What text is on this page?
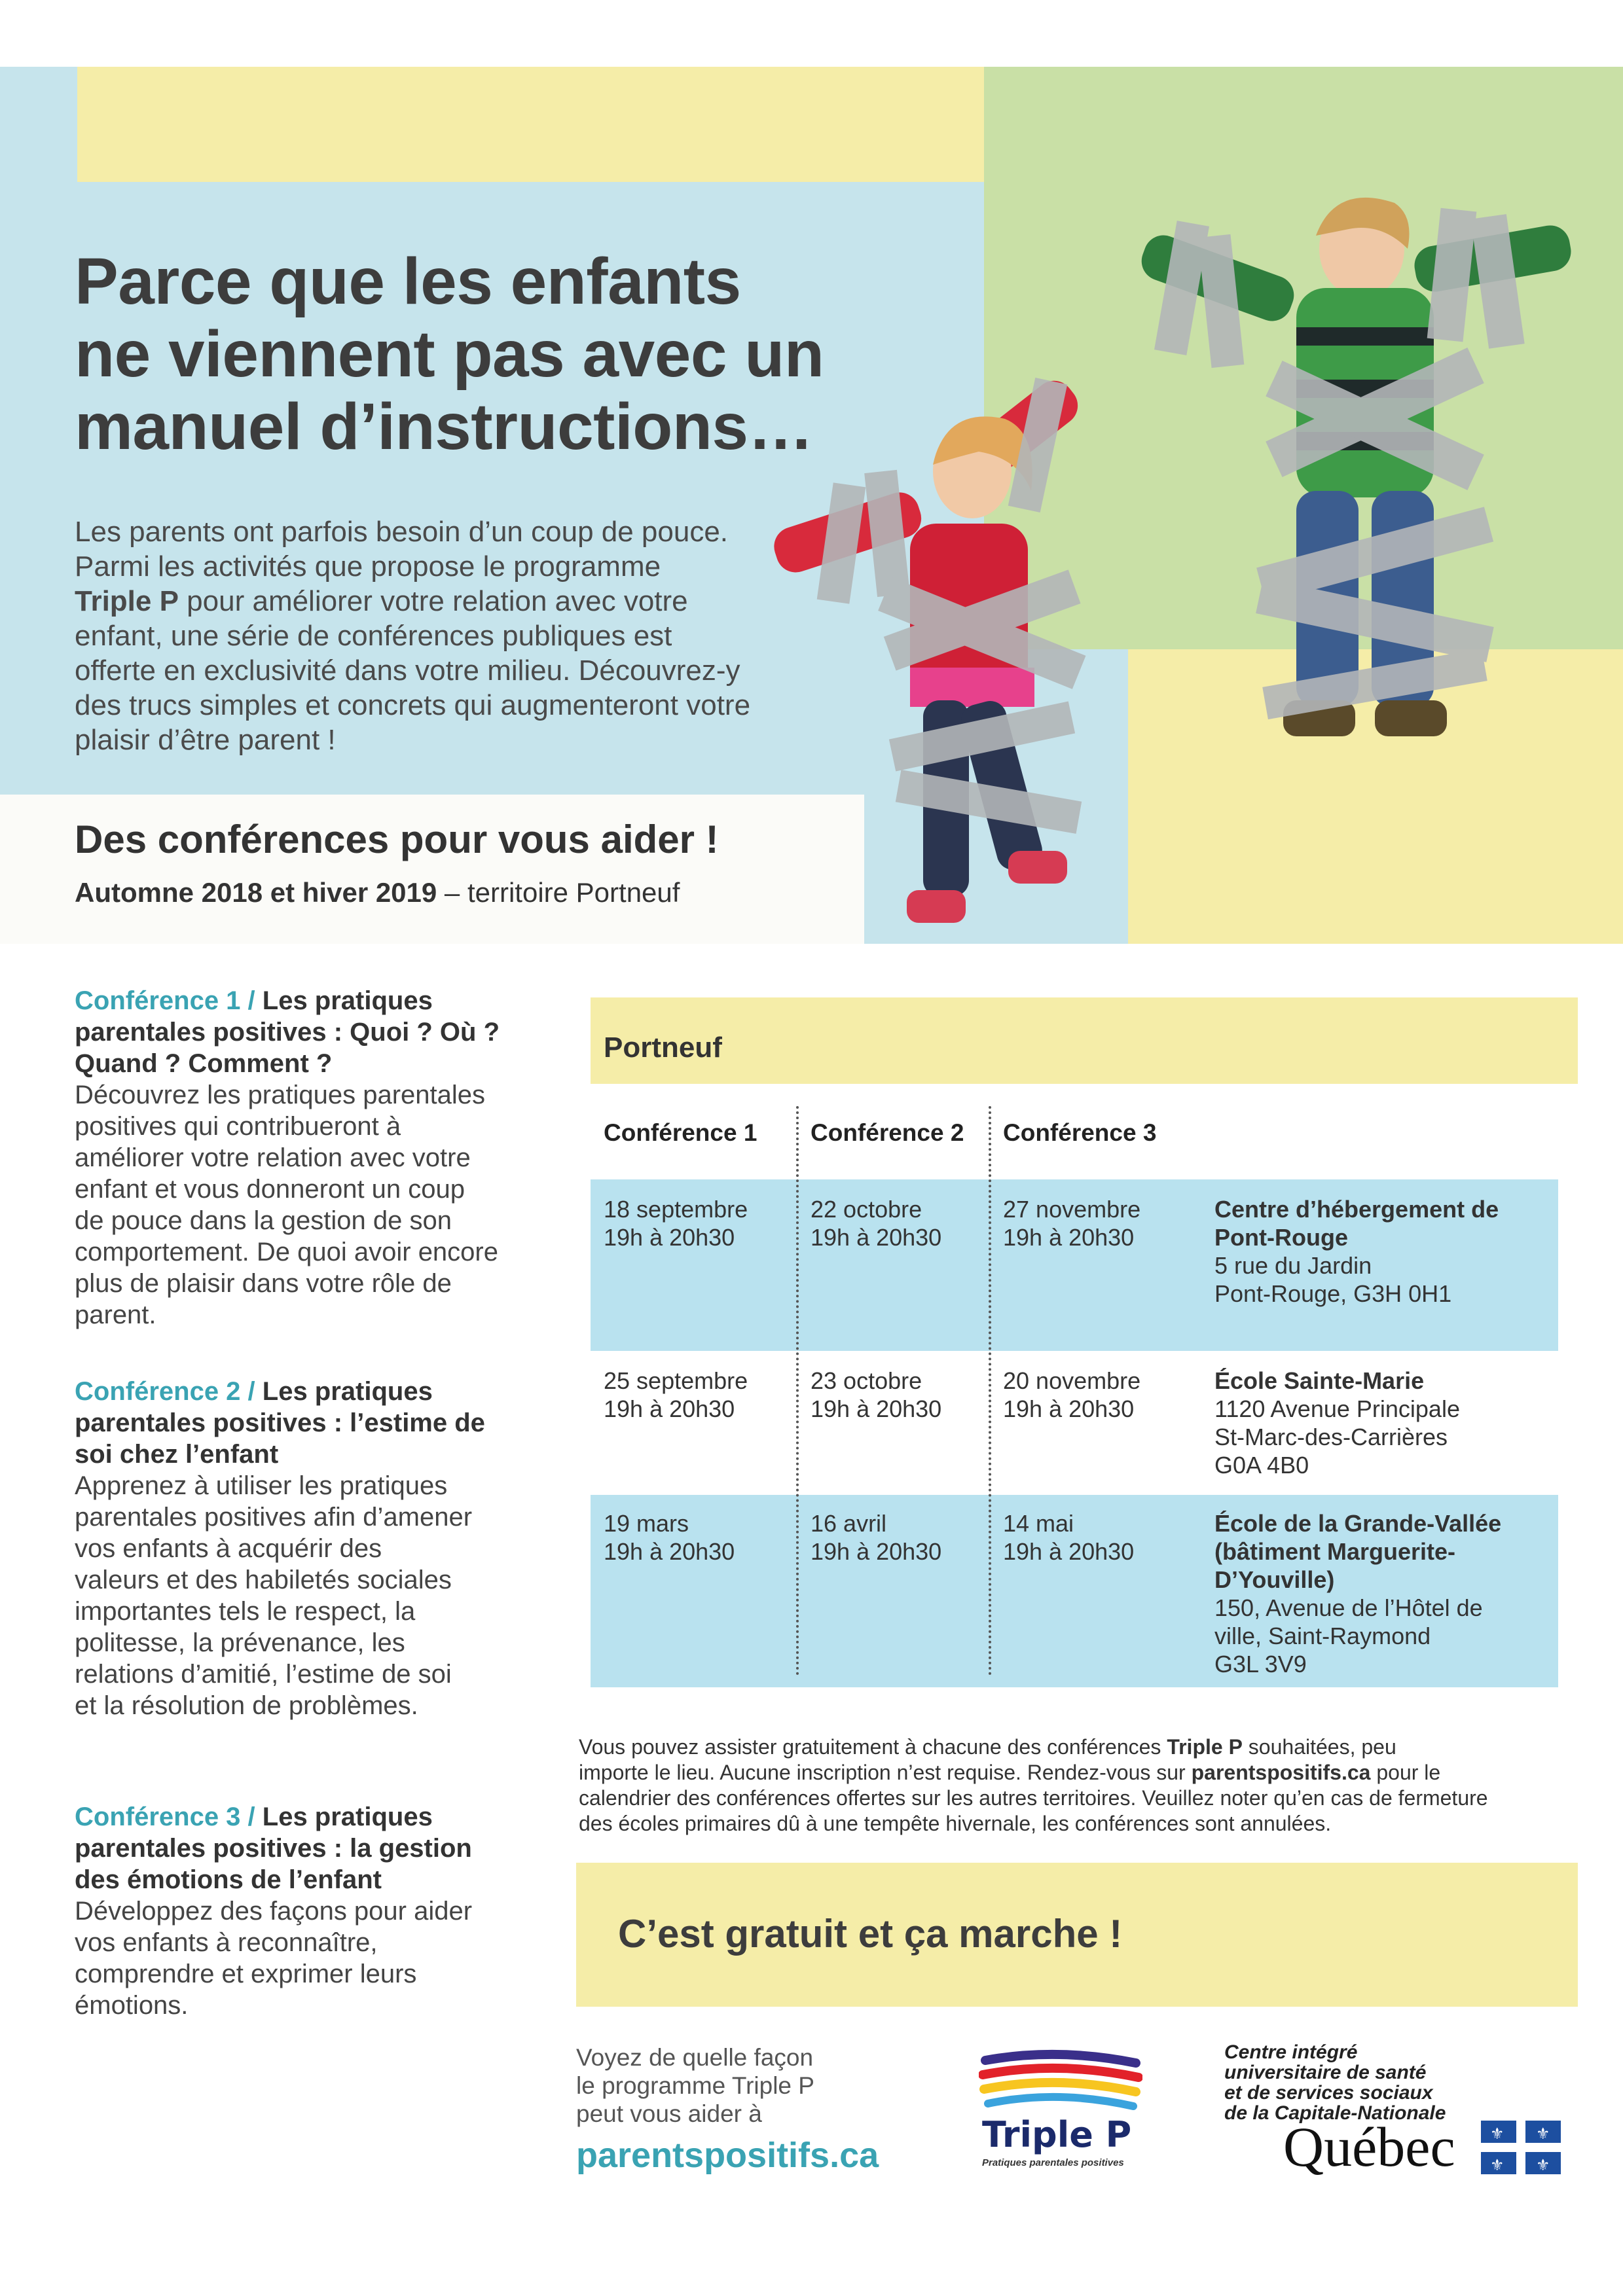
Parce que les enfants
ne viennent pas avec un
manuel d’instructions…
Les parents ont parfois besoin d’un coup de pouce.
Parmi les activités que propose le programme
Triple P pour améliorer votre relation avec votre
enfant, une série de conférences publiques est
offerte en exclusivité dans votre milieu. Découvrez-y
des trucs simples et concrets qui augmenteront votre
plaisir d’être parent !
Des conférences pour vous aider !
Automne 2018 et hiver 2019 – territoire Portneuf
Conférence 1 / Les pratiques
parentales positives : Quoi ? Où ?
Quand ? Comment ?
Découvrez les pratiques parentales
positives qui contribueront à
améliorer votre relation avec votre
enfant et vous donneront un coup
de pouce dans la gestion de son
comportement. De quoi avoir encore
plus de plaisir dans votre rôle de
parent.
Conférence 2 / Les pratiques
parentales positives : l’estime de
soi chez l’enfant
Apprenez à utiliser les pratiques
parentales positives afin d’amener
vos enfants à acquérir des
valeurs et des habiletés sociales
importantes tels le respect, la
politesse, la prévenance, les
relations d’amitié, l’estime de soi
et la résolution de problèmes.
Conférence 3 / Les pratiques
parentales positives : la gestion
des émotions de l’enfant
Développez des façons pour aider
vos enfants à reconnaître,
comprendre et exprimer leurs
émotions.
Portneuf
Conférence 1 Conférence 2 Conférence 3
18 septembre
19h à 20h30
22 octobre
19h à 20h30
27 novembre
19h à 20h30
Centre d’hébergement de
Pont-Rouge
5 rue du Jardin
Pont-Rouge, G3H 0H1
25 septembre
19h à 20h30
23 octobre
19h à 20h30
20 novembre
19h à 20h30
École Sainte-Marie
1120 Avenue Principale
St-Marc-des-Carrières
G0A 4B0
19 mars
19h à 20h30
16 avril
19h à 20h30
14 mai
19h à 20h30
École de la Grande-Vallée
(bâtiment Marguerite-
D’Youville)
150, Avenue de l’Hôtel de
ville, Saint-Raymond
G3L 3V9
Vous pouvez assister gratuitement à chacune des conférences Triple P souhaitées, peu
importe le lieu. Aucune inscription n’est requise. Rendez-vous sur parentspositifs.ca pour le
calendrier des conférences offertes sur les autres territoires. Veuillez noter qu’en cas de fermeture
des écoles primaires dû à une tempête hivernale, les conférences sont annulées.
C’est gratuit et ça marche !
Voyez de quelle façon
le programme Triple P
peut vous aider à
parentspositifs.ca	Triple P
Pratiques parentales positives
Centre intégré
universitaire de santé
et de services sociaux
de la Capitale-Nationale
Québec ⚜ ⚜
⚜ ⚜
